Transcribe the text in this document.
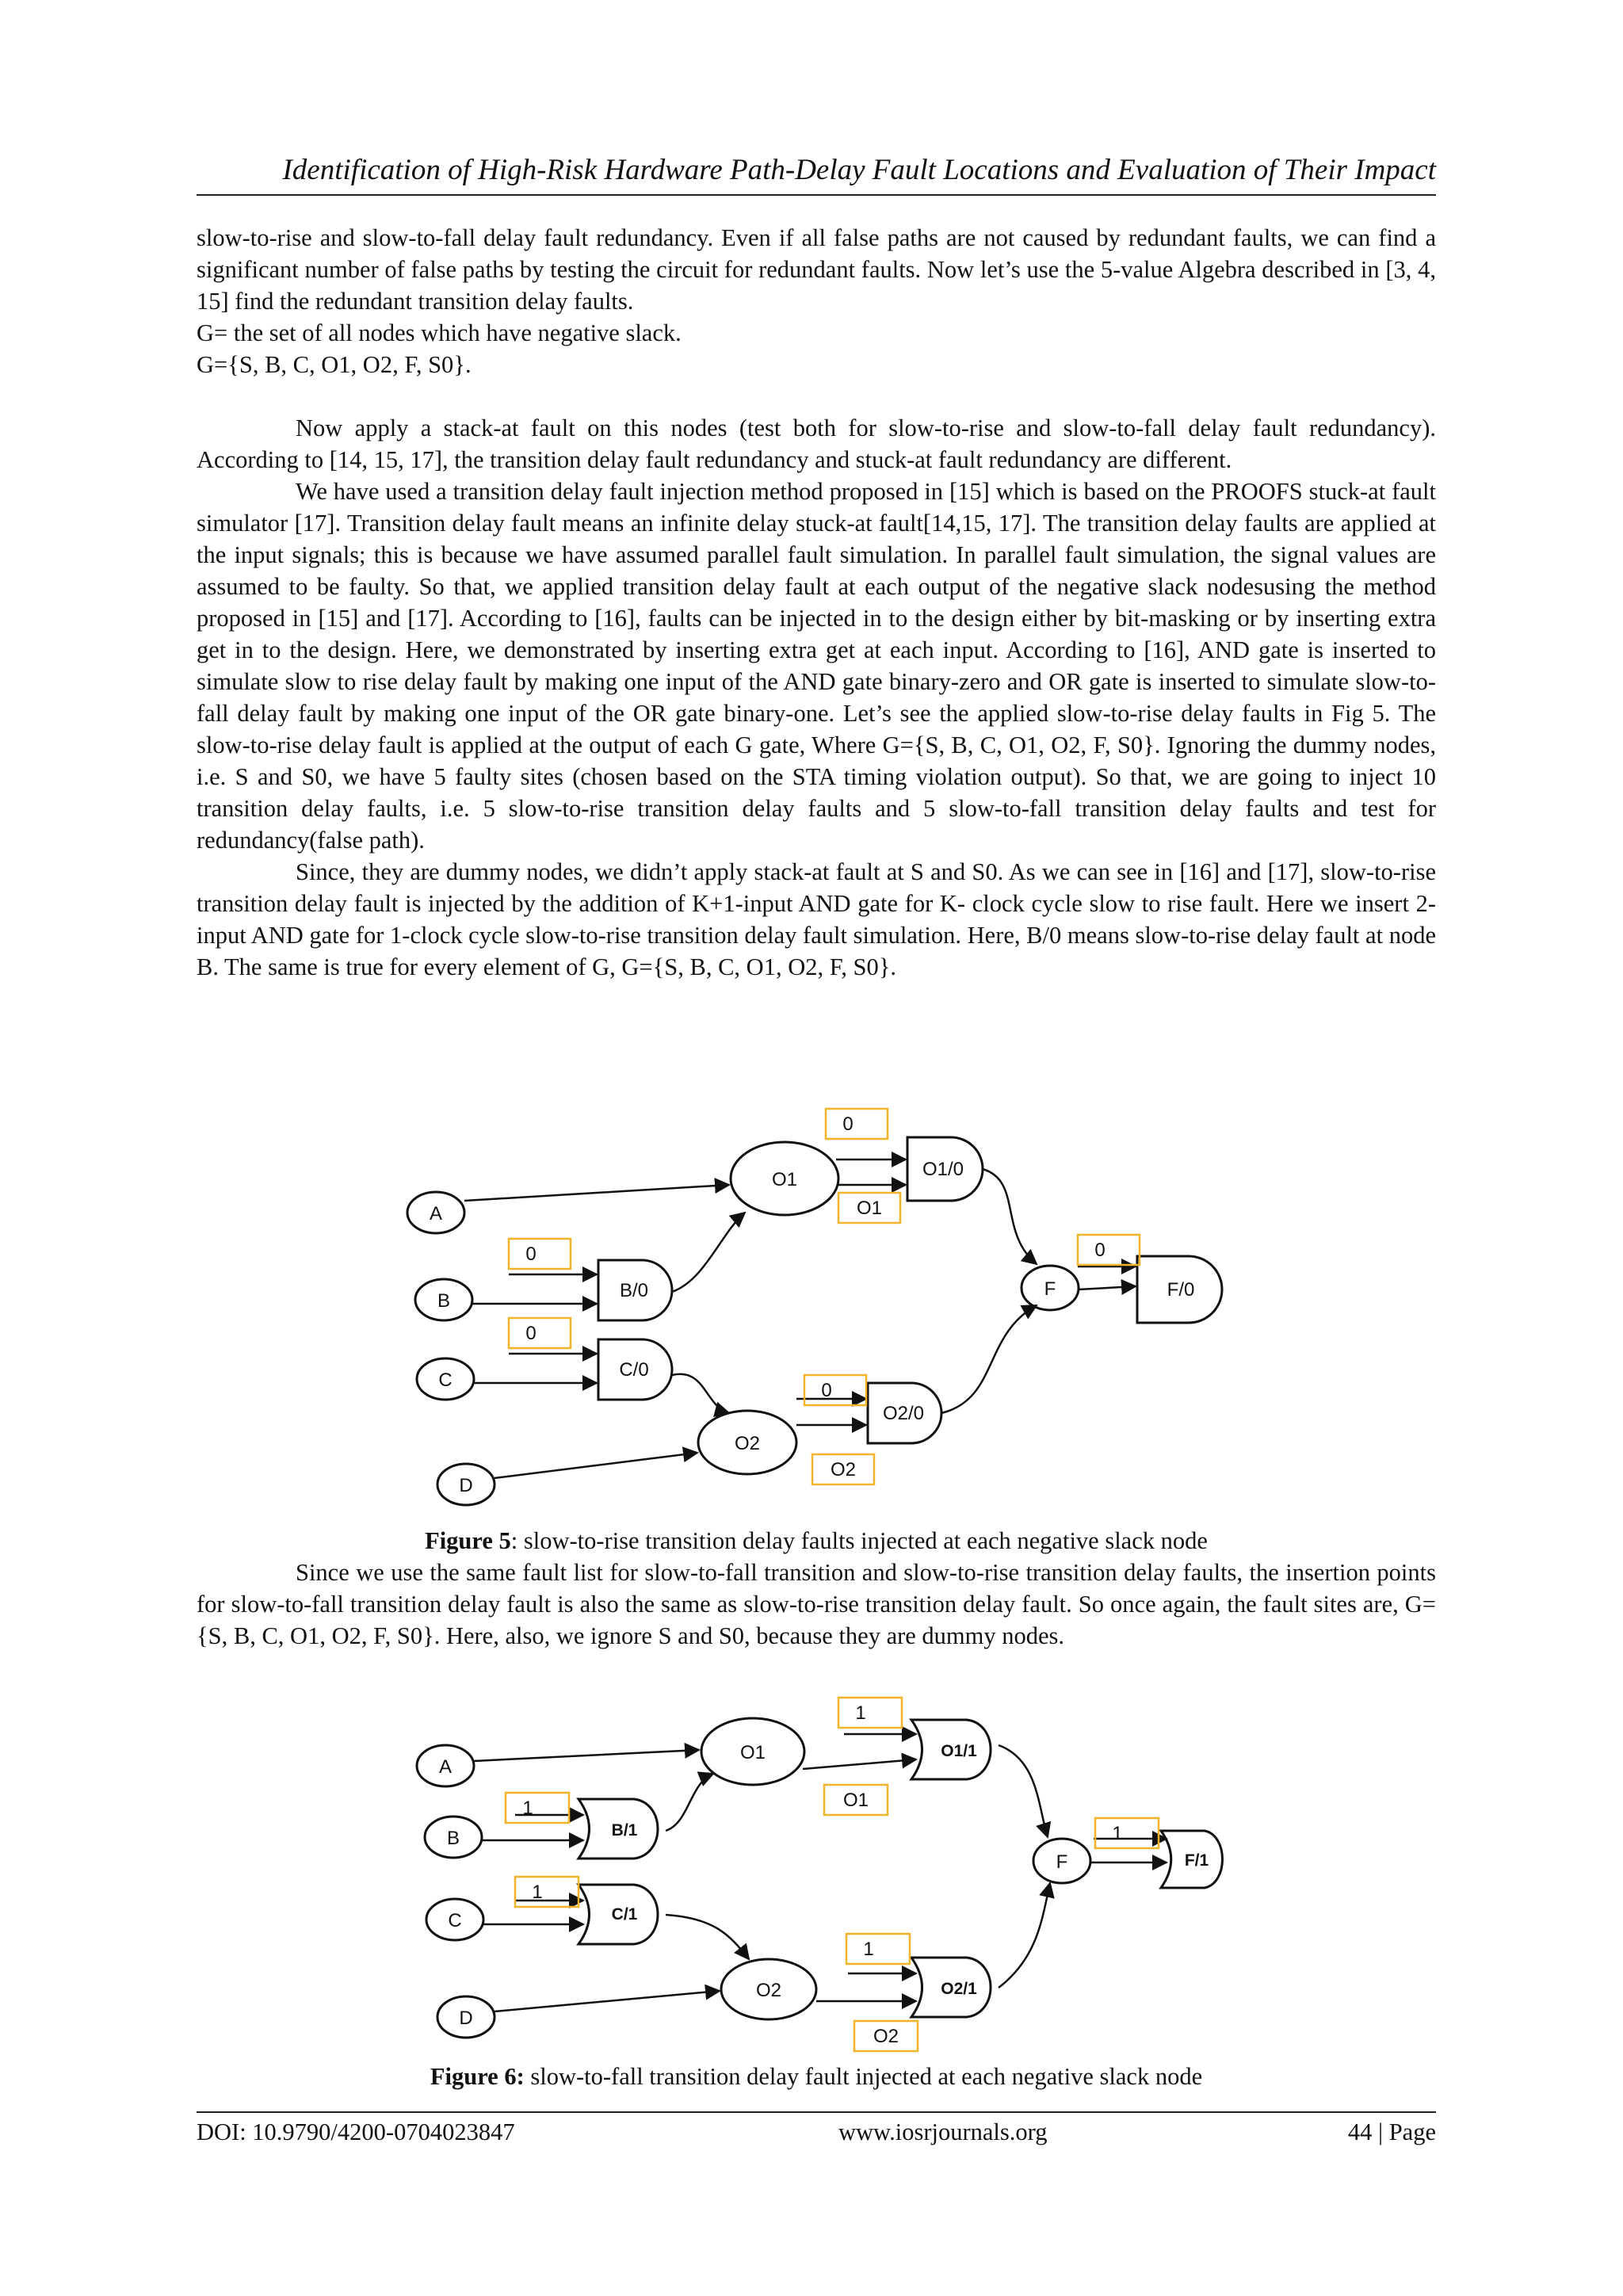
Identification of High-Risk Hardware Path-Delay Fault Locations and Evaluation of Their Impact

slow-to-rise and slow-to-fall delay fault redundancy. Even if all false paths are not caused by redundant faults, we can find a significant number of false paths by testing the circuit for redundant faults. Now let’s use the 5-value Algebra described in [3, 4, 15] find the redundant transition delay faults.

G= the set of all nodes which have negative slack.

G={S, B, C, O1, O2, F, S0}.

Now apply a stack-at fault on this nodes (test both for slow-to-rise and slow-to-fall delay fault redundancy). According to [14, 15, 17], the transition delay fault redundancy and stuck-at fault redundancy are different.

We have used a transition delay fault injection method proposed in [15] which is based on the PROOFS stuck-at fault simulator [17]. Transition delay fault means an infinite delay stuck-at fault[14,15, 17]. The transition delay faults are applied at the input signals; this is because we have assumed parallel fault simulation. In parallel fault simulation, the signal values are assumed to be faulty. So that, we applied transition delay fault at each output of the negative slack nodesusing the method proposed in [15] and [17]. According to [16], faults can be injected in to the design either by bit-masking or by inserting extra get in to the design. Here, we demonstrated by inserting extra get at each input. According to [16], AND gate is inserted to simulate slow to rise delay fault by making one input of the AND gate binary-zero and OR gate is inserted to simulate slow-to-fall delay fault by making one input of the OR gate binary-one. Let’s see the applied slow-to-rise delay faults in Fig 5. The slow-to-rise delay fault is applied at the output of each G gate, Where G={S, B, C, O1, O2, F, S0}. Ignoring the dummy nodes, i.e. S and S0, we have 5 faulty sites (chosen based on the STA timing violation output). So that, we are going to inject 10 transition delay faults, i.e. 5 slow-to-rise transition delay faults and 5 slow-to-fall transition delay faults and test for redundancy(false path).

Since, they are dummy nodes, we didn’t apply stack-at fault at S and S0. As we can see in [16] and [17], slow-to-rise transition delay fault is injected by the addition of K+1-input AND gate for K- clock cycle slow to rise fault. Here we insert 2-input AND gate for 1-clock cycle slow-to-rise transition delay fault simulation. Here, B/0 means slow-to-rise delay fault at node B. The same is true for every element of G, G={S, B, C, O1, O2, F, S0}.

A
B
C
D
O1
O2
F
B/0
C/0
O1/0
O2/0
F/0
0
0
0
O1
0
O2
0
Figure 5: slow-to-rise transition delay faults injected at each negative slack node

Since we use the same fault list for slow-to-fall transition and slow-to-rise transition delay faults, the insertion points for slow-to-fall transition delay fault is also the same as slow-to-rise transition delay fault. So once again, the fault sites are, G={S, B, C, O1, O2, F, S0}. Here, also, we ignore S and S0, because they are dummy nodes.

A
B
C
D
O1
O2
F
B/1
C/1
O1/1
O2/1
F/1
1
1
1
O1
1
O2
1
Figure 6: slow-to-fall transition delay fault injected at each negative slack node
DOI: 10.9790/4200-0704023847	www.iosrjournals.org	44 | Page
